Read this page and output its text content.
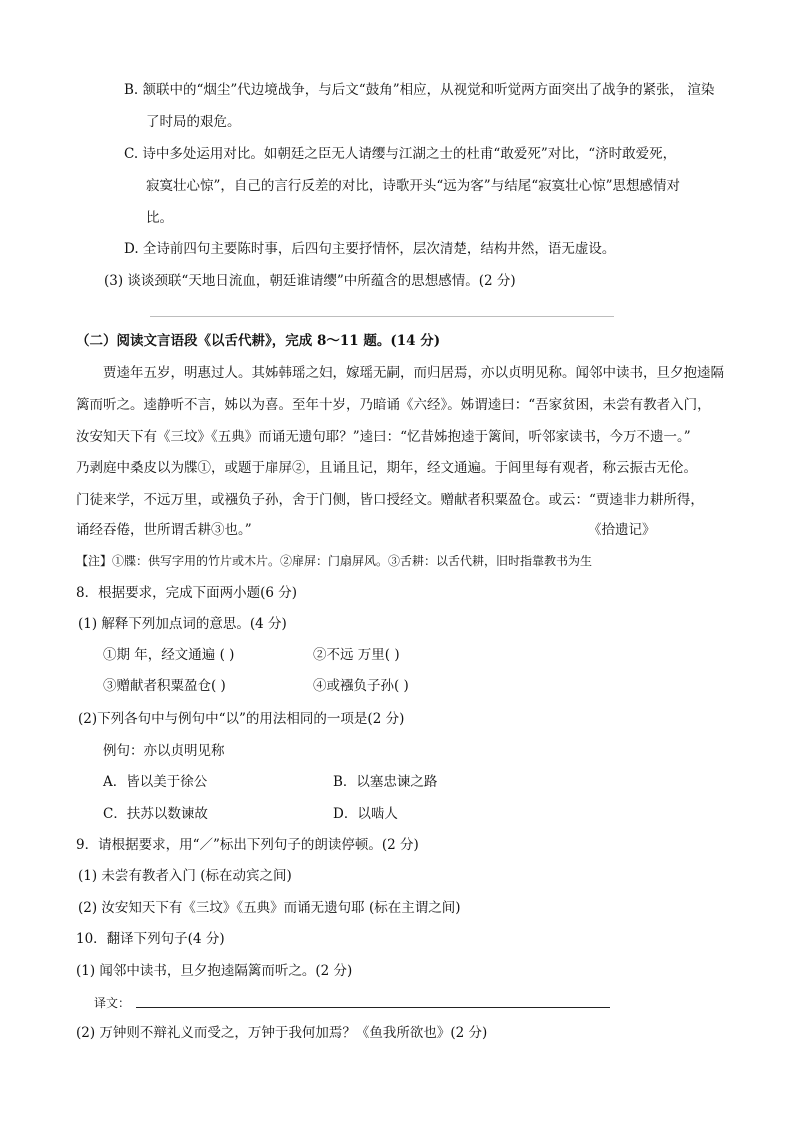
B. 颔联中的“烟尘”代边境战争，与后文“鼓角”相应，从视觉和听觉两方面突出了战争的紧张， 渲染
了时局的艰危。
C. 诗中多处运用对比。如朝廷之臣无人请缨与江湖之士的杜甫“敢爱死”对比，“济时敢爱死，
寂寞壮心惊”，自己的言行反差的对比，诗歌开头“远为客”与结尾“寂寞壮心惊”思想感情对
比。
D. 全诗前四句主要陈时事，后四句主要抒情怀，层次清楚，结构井然，语无虚设。
(3) 谈谈颈联“天地日流血，朝廷谁请缨”中所蕴含的思想感情。(2 分)
（二）阅读文言语段《以舌代耕》，完成 8～11 题。(14 分)
贾逵年五岁，明惠过人。其姊韩瑶之妇，嫁瑶无嗣，而归居焉，亦以贞明见称。闻邻中读书，旦夕抱逵隔
篱而听之。逵静听不言，姊以为喜。至年十岁，乃暗诵《六经》。姊谓逵曰：“吾家贫困，未尝有教者入门，
汝安知天下有《三坟》《五典》而诵无遗句耶？”逵曰：“忆昔姊抱逵于篱间，听邻家读书，今万不遗一。”
乃剥庭中桑皮以为牒①，或题于扉屏②，且诵且记，期年，经文通遍。于闾里每有观者，称云振古无伦。
门徒来学，不远万里，或襁负子孙，舍于门侧，皆口授经文。赠献者积粟盈仓。或云：“贾逵非力耕所得，
诵经吞倦，世所谓舌耕③也。”	《拾遗记》
【注】①牒：供写字用的竹片或木片。②扉屏：门扇屏风。③舌耕：以舌代耕，旧时指靠教书为生
8．根据要求，完成下面两小题(6 分)
(1) 解释下列加点词的意思。(4 分)
①期 年，经文通遍 ( )	②不远 万里( )
③赠献者积粟盈仓( )	④或襁负子孙( )
(2)下列各句中与例句中“以”的用法相同的一项是(2 分)
例句：亦以贞明见称
A．皆以美于徐公	B．以塞忠谏之路
C．扶苏以数谏故	D．以啮人
9．请根据要求，用“／”标出下列句子的朗读停顿。(2 分)
(1) 未尝有教者入门 (标在动宾之间)
(2) 汝安知天下有《三坟》《五典》而诵无遗句耶 (标在主谓之间)
10．翻译下列句子(4 分)
(1) 闻邻中读书，旦夕抱逵隔篱而听之。(2 分)
译文：
(2) 万钟则不辩礼义而受之，万钟于我何加焉？《鱼我所欲也》(2 分)
